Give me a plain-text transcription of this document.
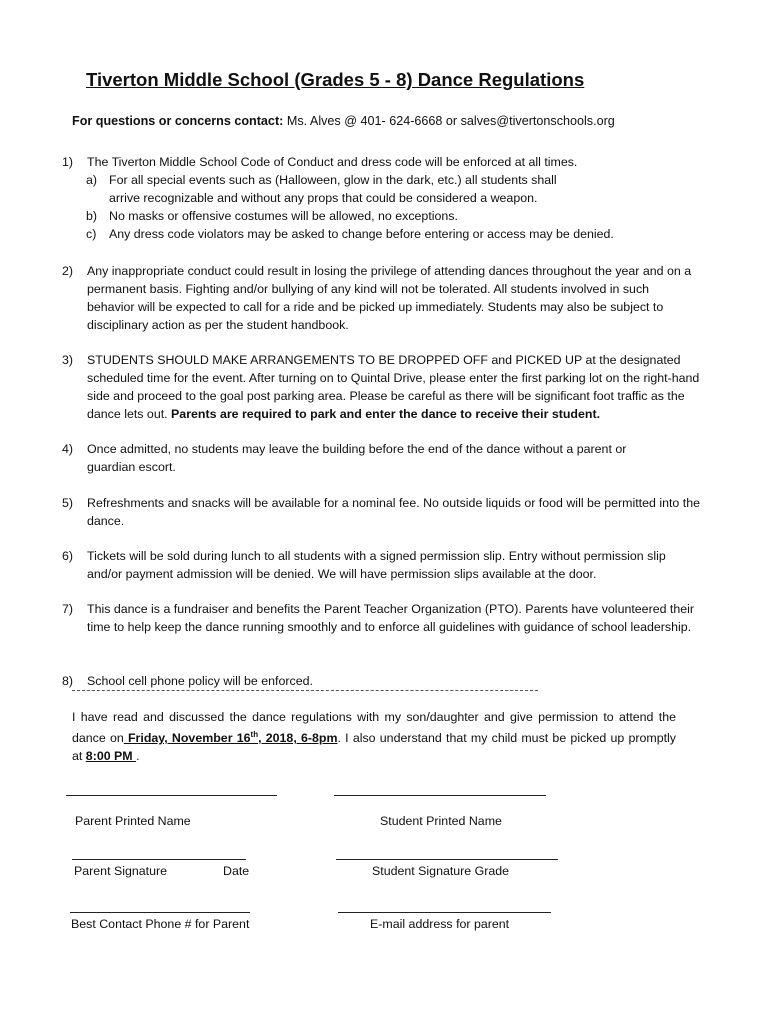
Tiverton Middle School (Grades 5 - 8) Dance Regulations
For questions or concerns contact: Ms. Alves @ 401- 624-6668 or salves@tivertonschools.org
1) The Tiverton Middle School Code of Conduct and dress code will be enforced at all times.
a) For all special events such as (Halloween, glow in the dark, etc.) all students shall arrive recognizable and without any props that could be considered a weapon.
b) No masks or offensive costumes will be allowed, no exceptions.
c) Any dress code violators may be asked to change before entering or access may be denied.
2) Any inappropriate conduct could result in losing the privilege of attending dances throughout the year and on a permanent basis. Fighting and/or bullying of any kind will not be tolerated. All students involved in such behavior will be expected to call for a ride and be picked up immediately. Students may also be subject to disciplinary action as per the student handbook.
3) STUDENTS SHOULD MAKE ARRANGEMENTS TO BE DROPPED OFF and PICKED UP at the designated scheduled time for the event. After turning on to Quintal Drive, please enter the first parking lot on the right-hand side and proceed to the goal post parking area. Please be careful as there will be significant foot traffic as the dance lets out. Parents are required to park and enter the dance to receive their student.
4) Once admitted, no students may leave the building before the end of the dance without a parent or guardian escort.
5) Refreshments and snacks will be available for a nominal fee. No outside liquids or food will be permitted into the dance.
6) Tickets will be sold during lunch to all students with a signed permission slip. Entry without permission slip and/or payment admission will be denied. We will have permission slips available at the door.
7) This dance is a fundraiser and benefits the Parent Teacher Organization (PTO). Parents have volunteered their time to help keep the dance running smoothly and to enforce all guidelines with guidance of school leadership.
8) School cell phone policy will be enforced.
I have read and discussed the dance regulations with my son/daughter and give permission to attend the dance on Friday, November 16th, 2018, 6-8pm. I also understand that my child must be picked up promptly at 8:00 PM .
Parent Printed Name	Student Printed Name
Parent Signature	Date	Student Signature Grade
Best Contact Phone # for Parent	E-mail address for parent
